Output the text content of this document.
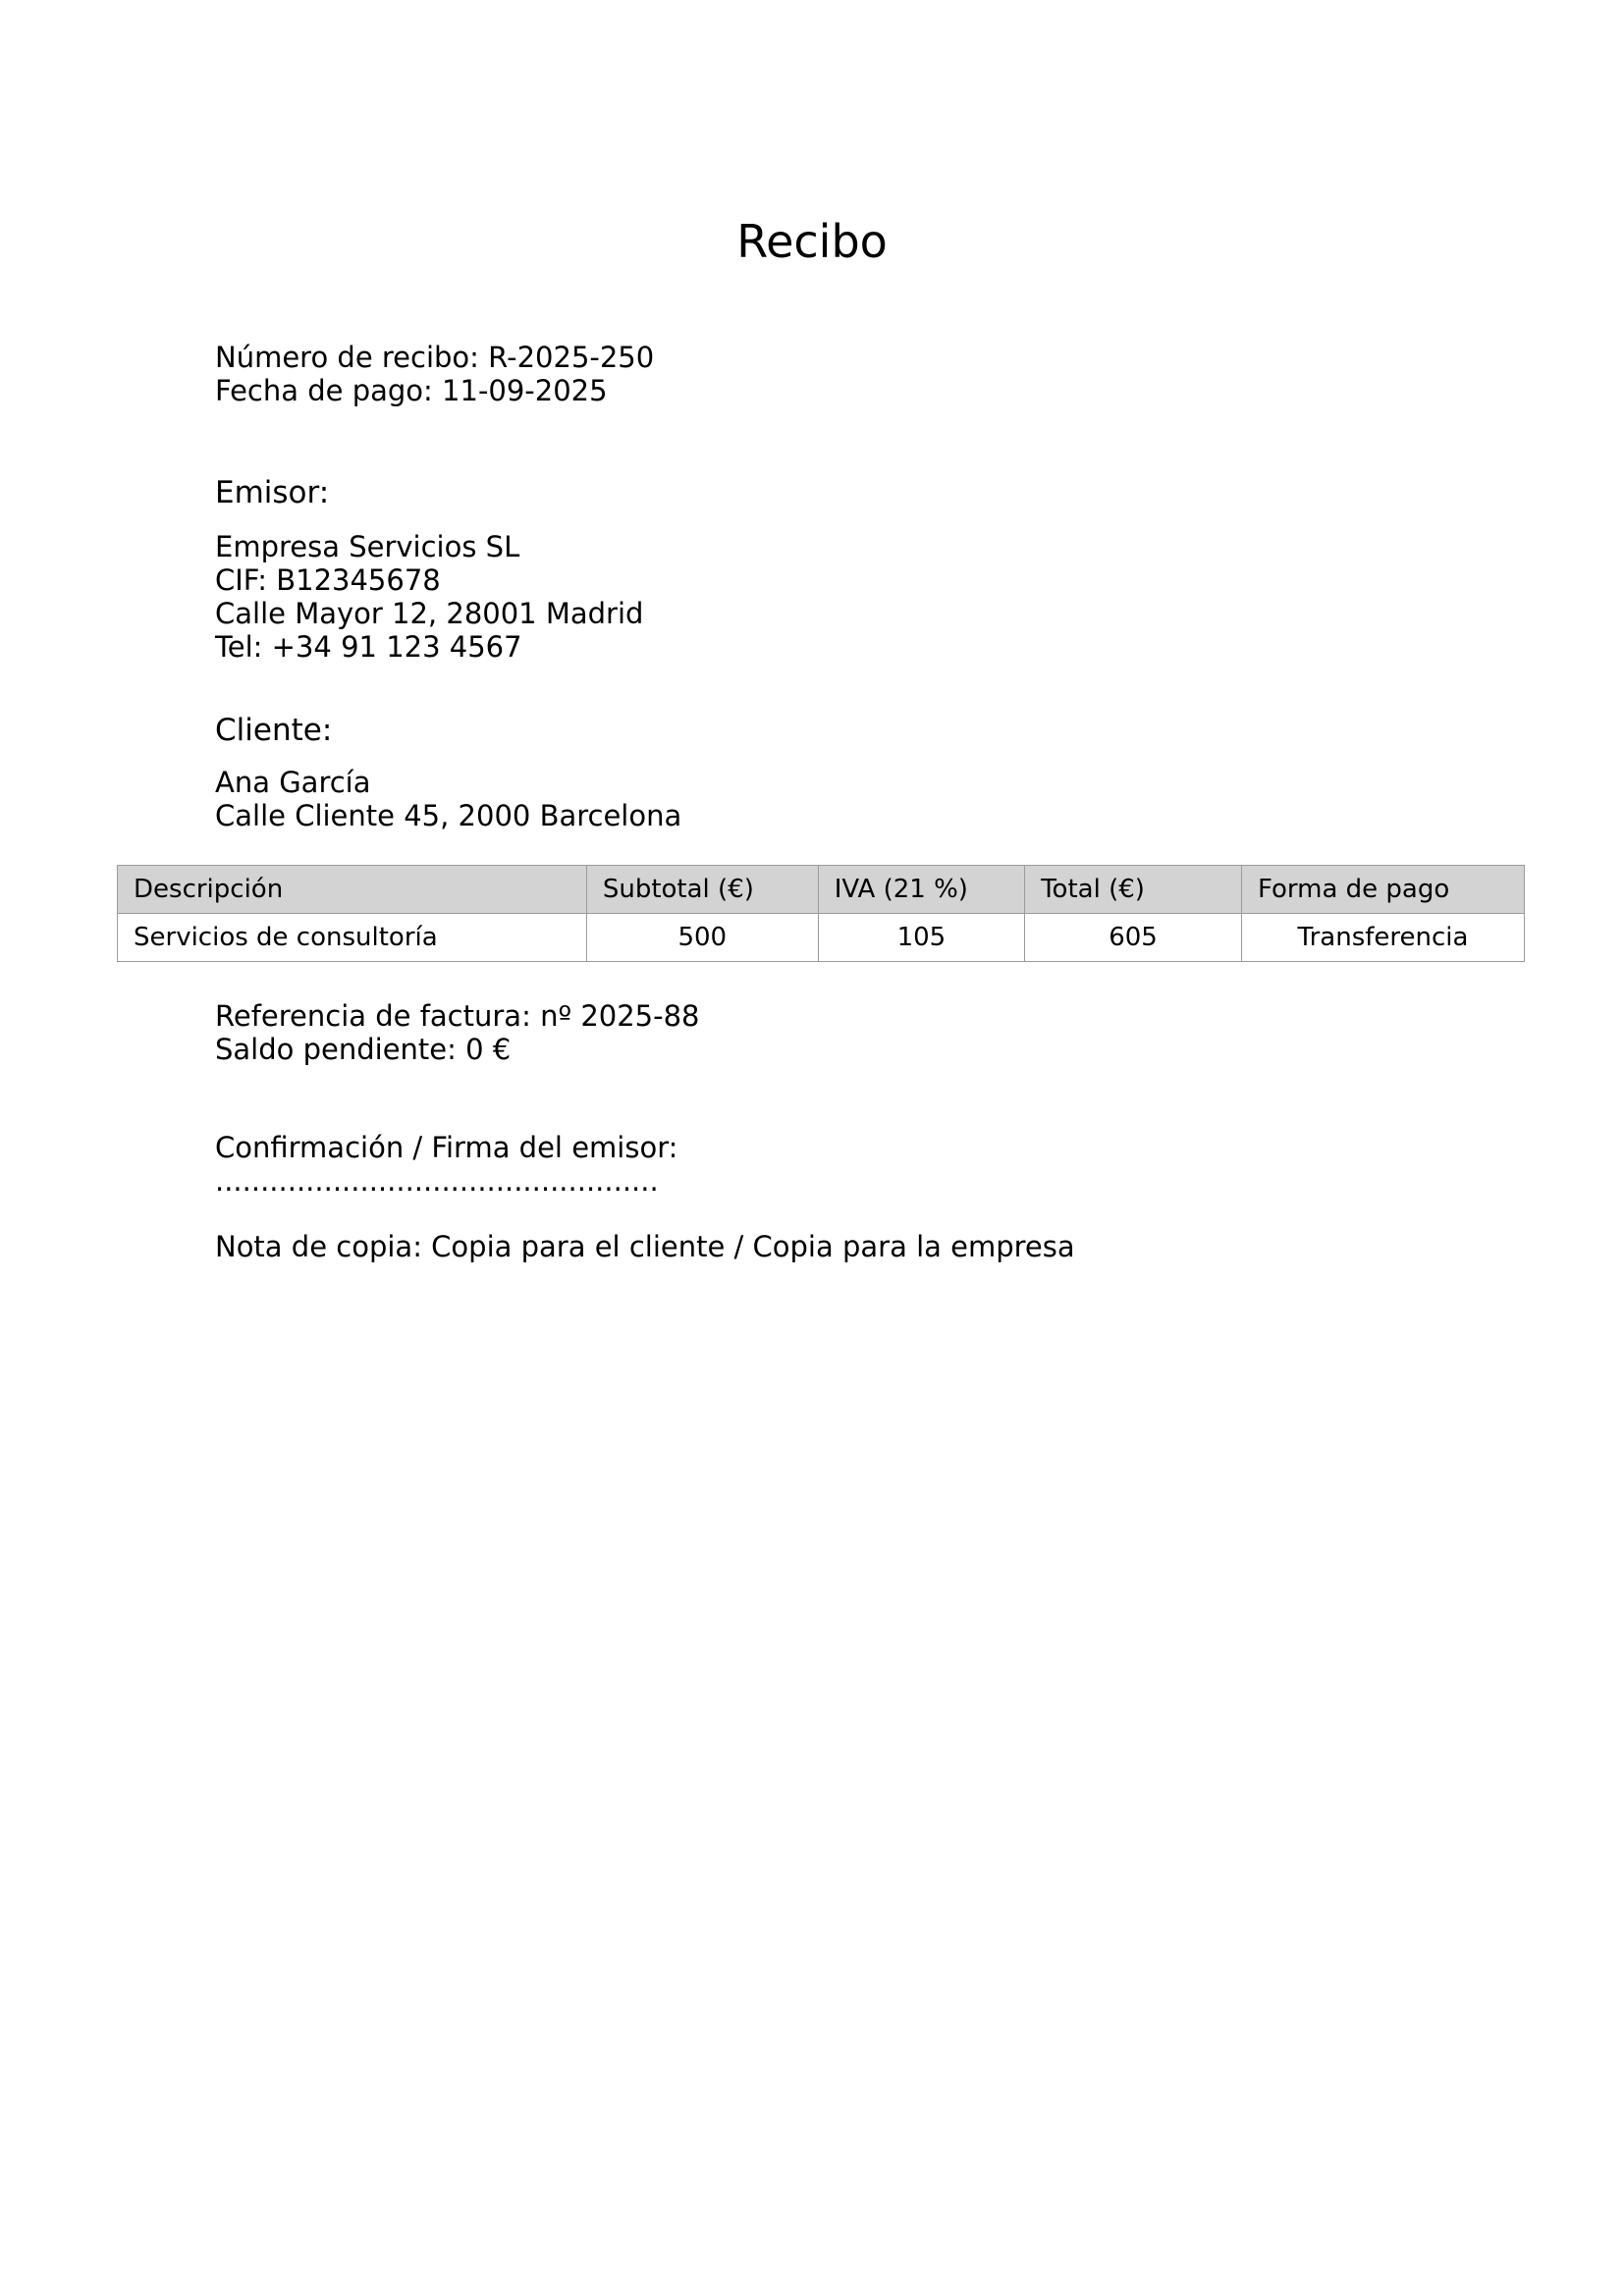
Recibo
Número de recibo: R-2025-250
Fecha de pago: 11-09-2025
Emisor:
Empresa Servicios SL
CIF: B12345678
Calle Mayor 12, 28001 Madrid
Tel: +34 91 123 4567
Cliente:
Ana García
Calle Cliente 45, 2000 Barcelona
Descripción	Subtotal (€)	IVA (21 %)	Total (€)	Forma de pago
Servicios de consultoría	500	105	605	Transferencia
Referencia de factura: nº 2025-88
Saldo pendiente: 0 €
Confirmación / Firma del emisor:
.................................................
Nota de copia: Copia para el cliente / Copia para la empresa
